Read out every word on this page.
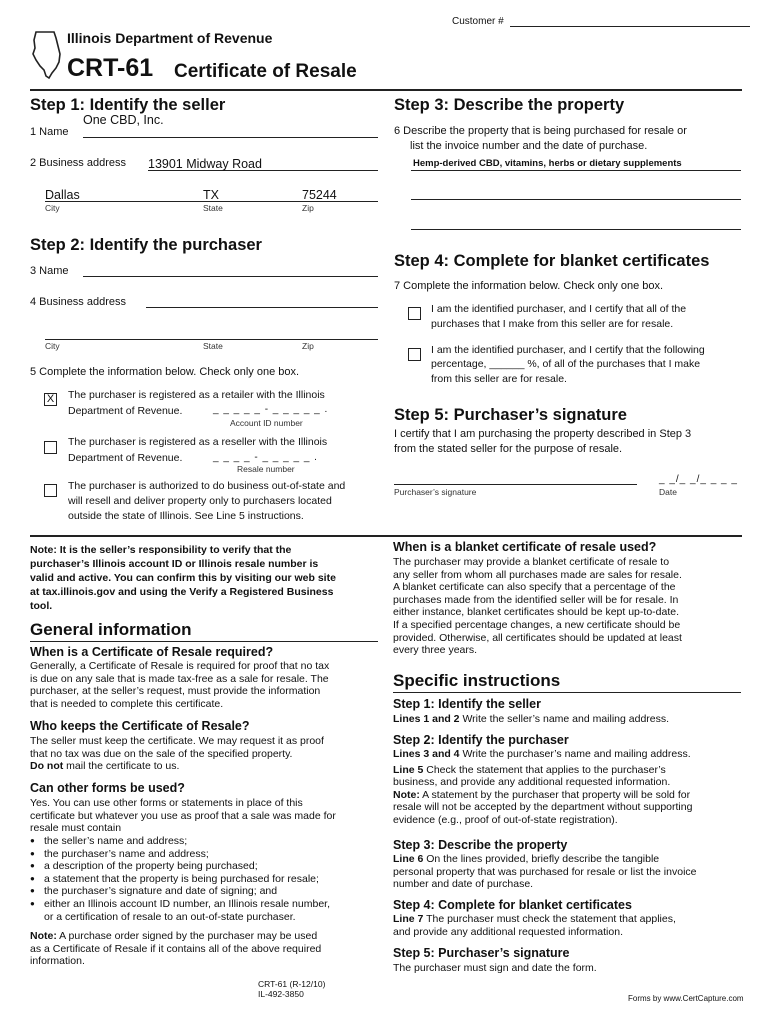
Customer #
Illinois Department of Revenue
CRT-61 Certificate of Resale
Step 1: Identify the seller
1 Name
One CBD, Inc.
2 Business address 13901 Midway Road
Dallas	TX	75244
City	State	Zip
Step 2: Identify the purchaser
3 Name
4 Business address
City	State	Zip
5 Complete the information below. Check only one box.
X The purchaser is registered as a retailer with the Illinois
Department of Revenue.	_ _ _ _ _ - _ _ _ _ _ .
Account ID number
The purchaser is registered as a reseller with the Illinois
Department of Revenue.	_ _ _ _ - _ _ _ _ _ .
Resale number
The purchaser is authorized to do business out-of-state and
will resell and deliver property only to purchasers located
outside the state of Illinois. See Line 5 instructions.
Step 3: Describe the property
6 Describe the property that is being purchased for resale or
list the invoice number and the date of purchase.
Hemp-derived CBD, vitamins, herbs or dietary supplements
Step 4: Complete for blanket certificates
7 Complete the information below. Check only one box.
I am the identified purchaser, and I certify that all of the
purchases that I make from this seller are for resale.
I am the identified purchaser, and I certify that the following
percentage, ______ %, of all of the purchases that I make
from this seller are for resale.
Step 5: Purchaser’s signature
I certify that I am purchasing the property described in Step 3
from the stated seller for the purpose of resale.
Purchaser’s signature
_ _/_ _/_ _ _ _
Date
Note: It is the seller’s responsibility to verify that the
purchaser’s Illinois account ID or Illinois resale number is
valid and active. You can confirm this by visiting our web site
at tax.illinois.gov and using the Verify a Registered Business
tool.
General information
When is a Certificate of Resale required?
Generally, a Certificate of Resale is required for proof that no tax
is due on any sale that is made tax-free as a sale for resale. The
purchaser, at the seller’s request, must provide the information
that is needed to complete this certificate.
Who keeps the Certificate of Resale?
The seller must keep the certificate. We may request it as proof
that no tax was due on the sale of the specified property.
Do not mail the certificate to us.
Can other forms be used?
Yes. You can use other forms or statements in place of this
certificate but whatever you use as proof that a sale was made for
resale must contain
● the seller’s name and address;
● the purchaser’s name and address;
● a description of the property being purchased;
● a statement that the property is being purchased for resale;
● the purchaser’s signature and date of signing; and
● either an Illinois account ID number, an Illinois resale number,
or a certification of resale to an out-of-state purchaser.
Note: A purchase order signed by the purchaser may be used
as a Certificate of Resale if it contains all of the above required
information.
When is a blanket certificate of resale used?
The purchaser may provide a blanket certificate of resale to
any seller from whom all purchases made are sales for resale.
A blanket certificate can also specify that a percentage of the
purchases made from the identified seller will be for resale. In
either instance, blanket certificates should be kept up-to-date.
If a specified percentage changes, a new certificate should be
provided. Otherwise, all certificates should be updated at least
every three years.
Specific instructions
Step 1: Identify the seller
Lines 1 and 2 Write the seller’s name and mailing address.
Step 2: Identify the purchaser
Lines 3 and 4 Write the purchaser’s name and mailing address.
Line 5 Check the statement that applies to the purchaser’s
business, and provide any additional requested information.
Note: A statement by the purchaser that property will be sold for
resale will not be accepted by the department without supporting
evidence (e.g., proof of out-of-state registration).
Step 3: Describe the property
Line 6 On the lines provided, briefly describe the tangible
personal property that was purchased for resale or list the invoice
number and date of purchase.
Step 4: Complete for blanket certificates
Line 7 The purchaser must check the statement that applies,
and provide any additional requested information.
Step 5: Purchaser’s signature
The purchaser must sign and date the form.
CRT-61 (R-12/10)
IL-492-3850	Forms by www.CertCapture.com
